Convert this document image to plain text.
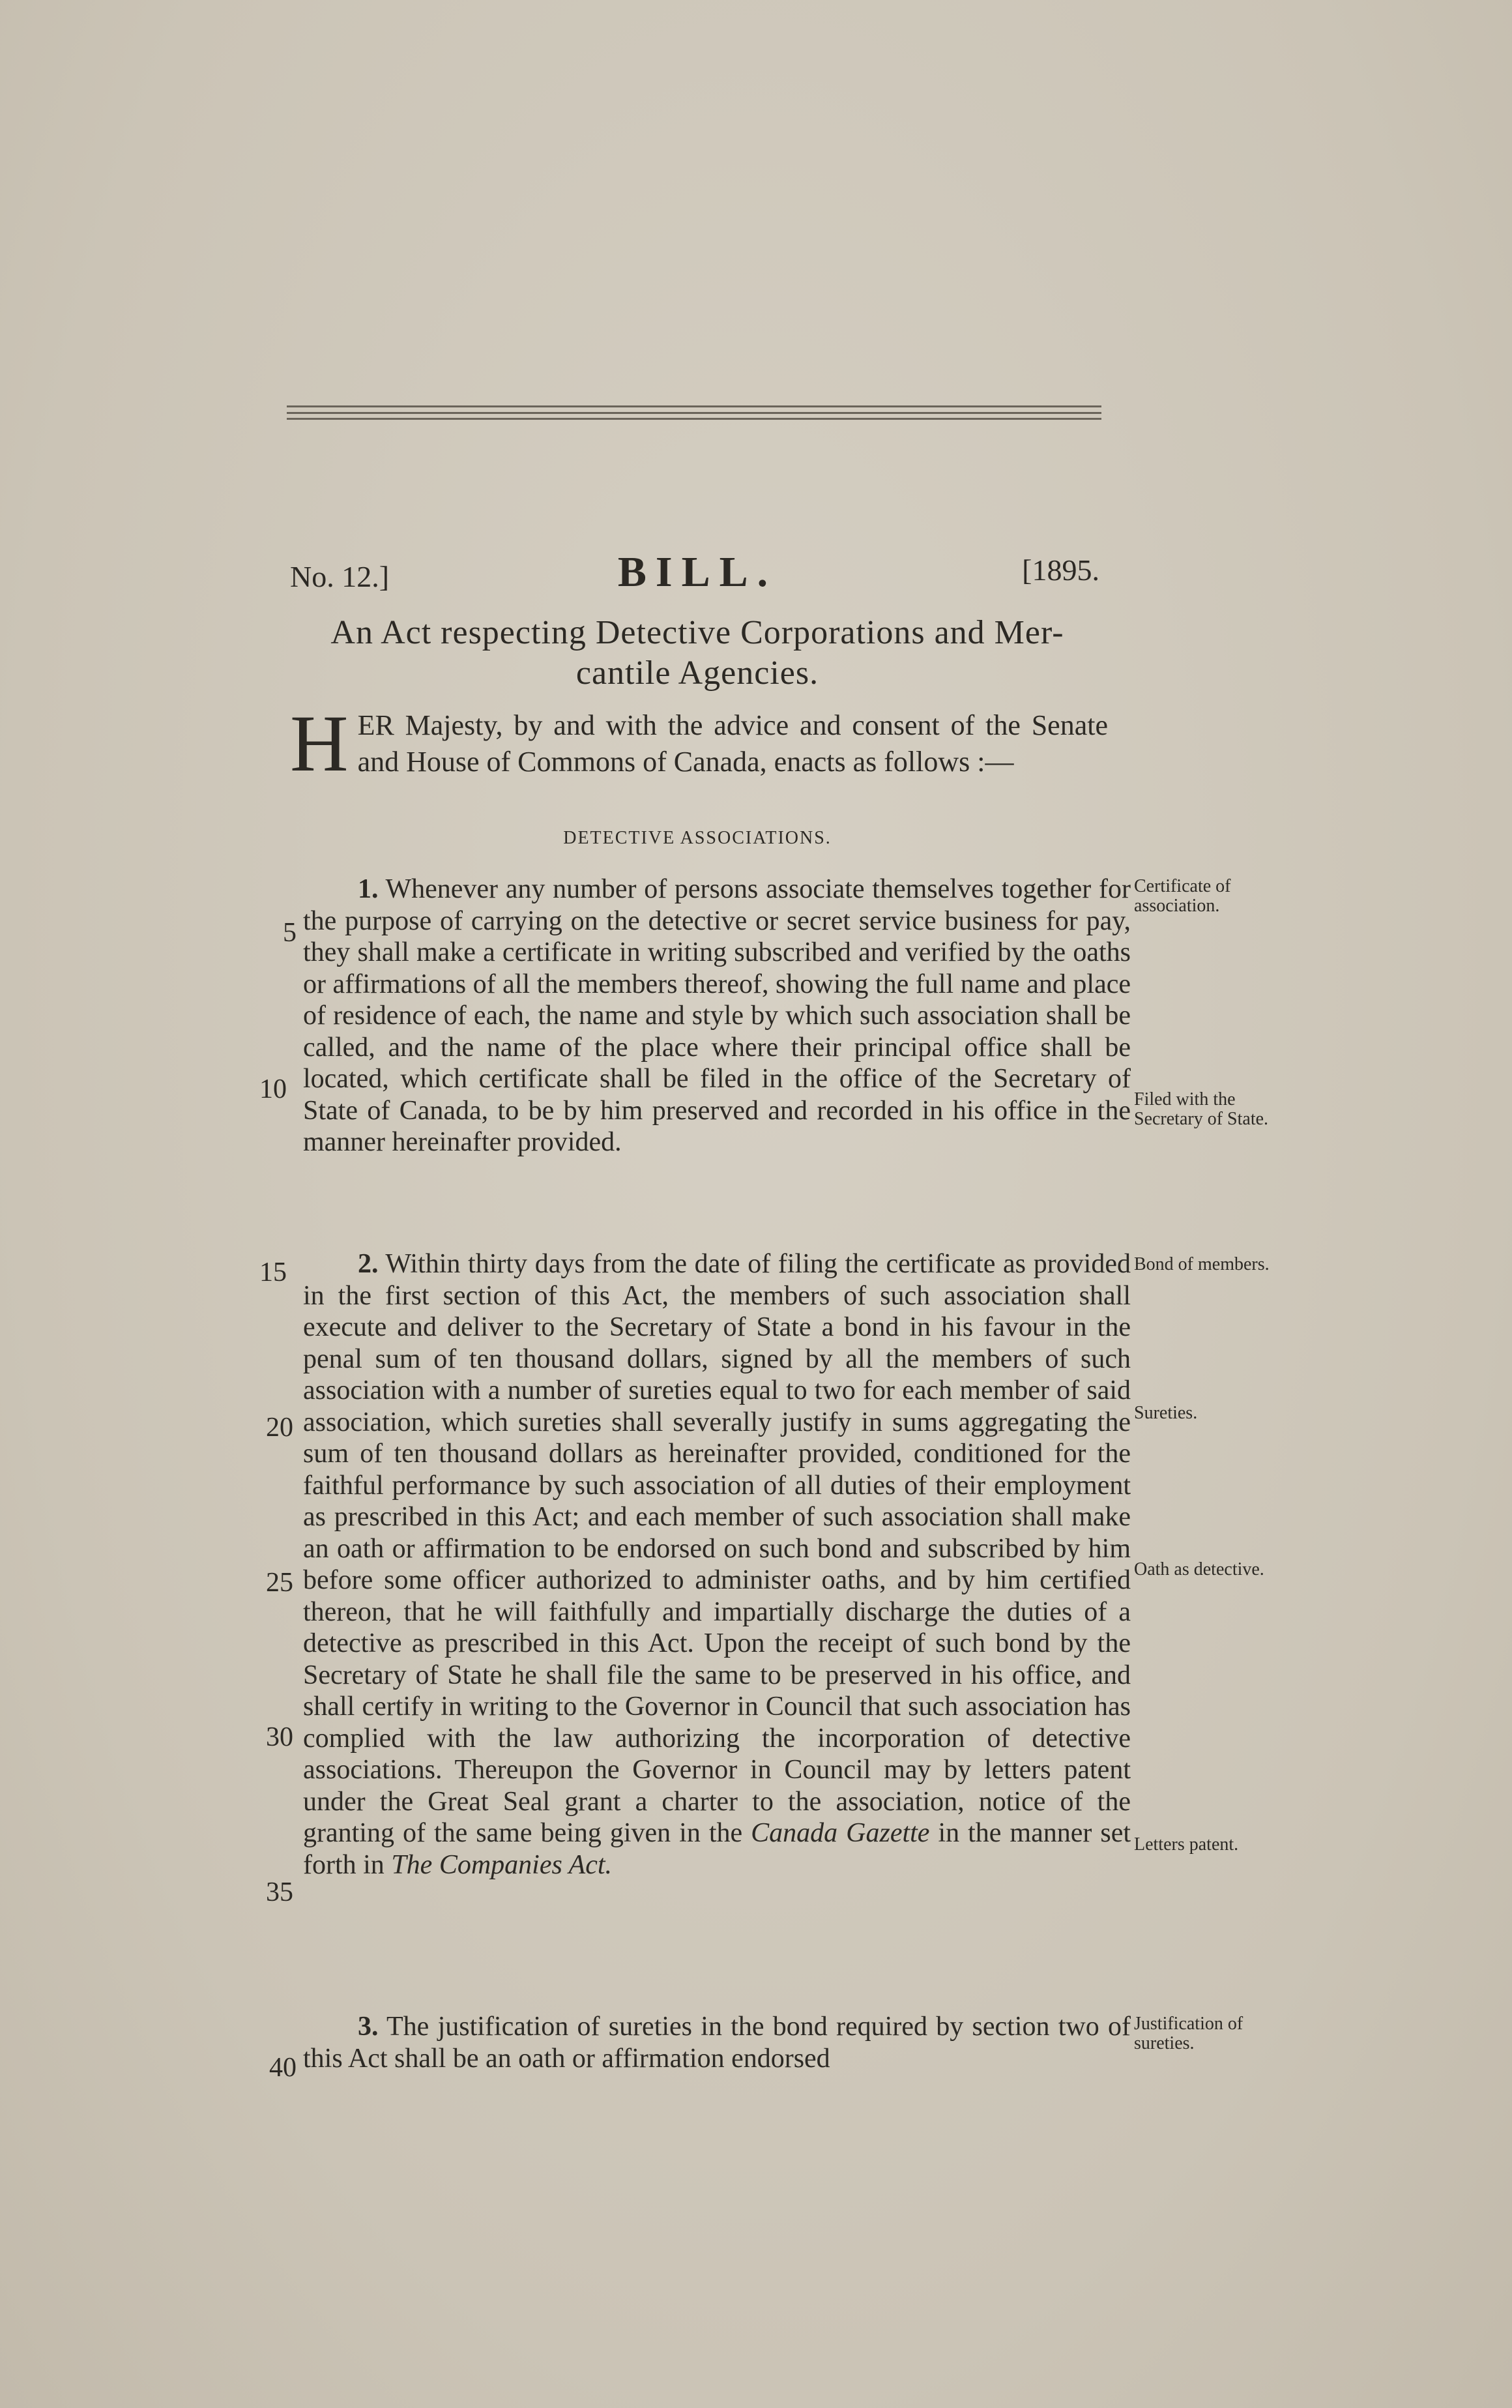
No. 12.]	BILL.	[1895.
An Act respecting Detective Corporations and Mer-
cantile Agencies.
H ER Majesty, by and with the advice and consent of the Senate and House of Commons of Canada, enacts as follows :—
DETECTIVE ASSOCIATIONS.
  1. Whenever any number of persons associate themselves together for the purpose of carrying on the detective or secret service business for pay, they shall make a certificate in writing subscribed and verified by the oaths or affirmations of all the members thereof, showing the full name and place of residence of each, the name and style by which such association shall be called, and the name of the place where their principal office shall be located, which certificate shall be filed in the office of the Secretary of State of Canada, to be by him preserved and recorded in his office in the manner hereinafter provided.
  2. Within thirty days from the date of filing the certificate as provided in the first section of this Act, the members of such association shall execute and deliver to the Secretary of State a bond in his favour in the penal sum of ten thousand dollars, signed by all the members of such association with a number of sureties equal to two for each member of said association, which sureties shall severally justify in sums aggregating the sum of ten thousand dollars as hereinafter provided, conditioned for the faithful performance by such association of all duties of their employment as prescribed in this Act; and each member of such association shall make an oath or affirmation to be endorsed on such bond and subscribed by him before some officer authorized to administer oaths, and by him certified thereon, that he will faithfully and impartially discharge the duties of a detective as prescribed in this Act. Upon the receipt of such bond by the Secretary of State he shall file the same to be preserved in his office, and shall certify in writing to the Governor in Council that such association has complied with the law authorizing the incorporation of detective associations. Thereupon the Governor in Council may by letters patent under the Great Seal grant a charter to the association, notice of the granting of the same being given in the Canada Gazette in the manner set forth in The Companies Act.
  3. The justification of sureties in the bond required by section two of this Act shall be an oath or affirmation endorsed
5
10
15
20
25
30
35
40
Certificate of association.
Filed with the Secretary of State.
Bond of members.
Sureties.
Oath as detective.
Letters patent.
Justification of sureties.
